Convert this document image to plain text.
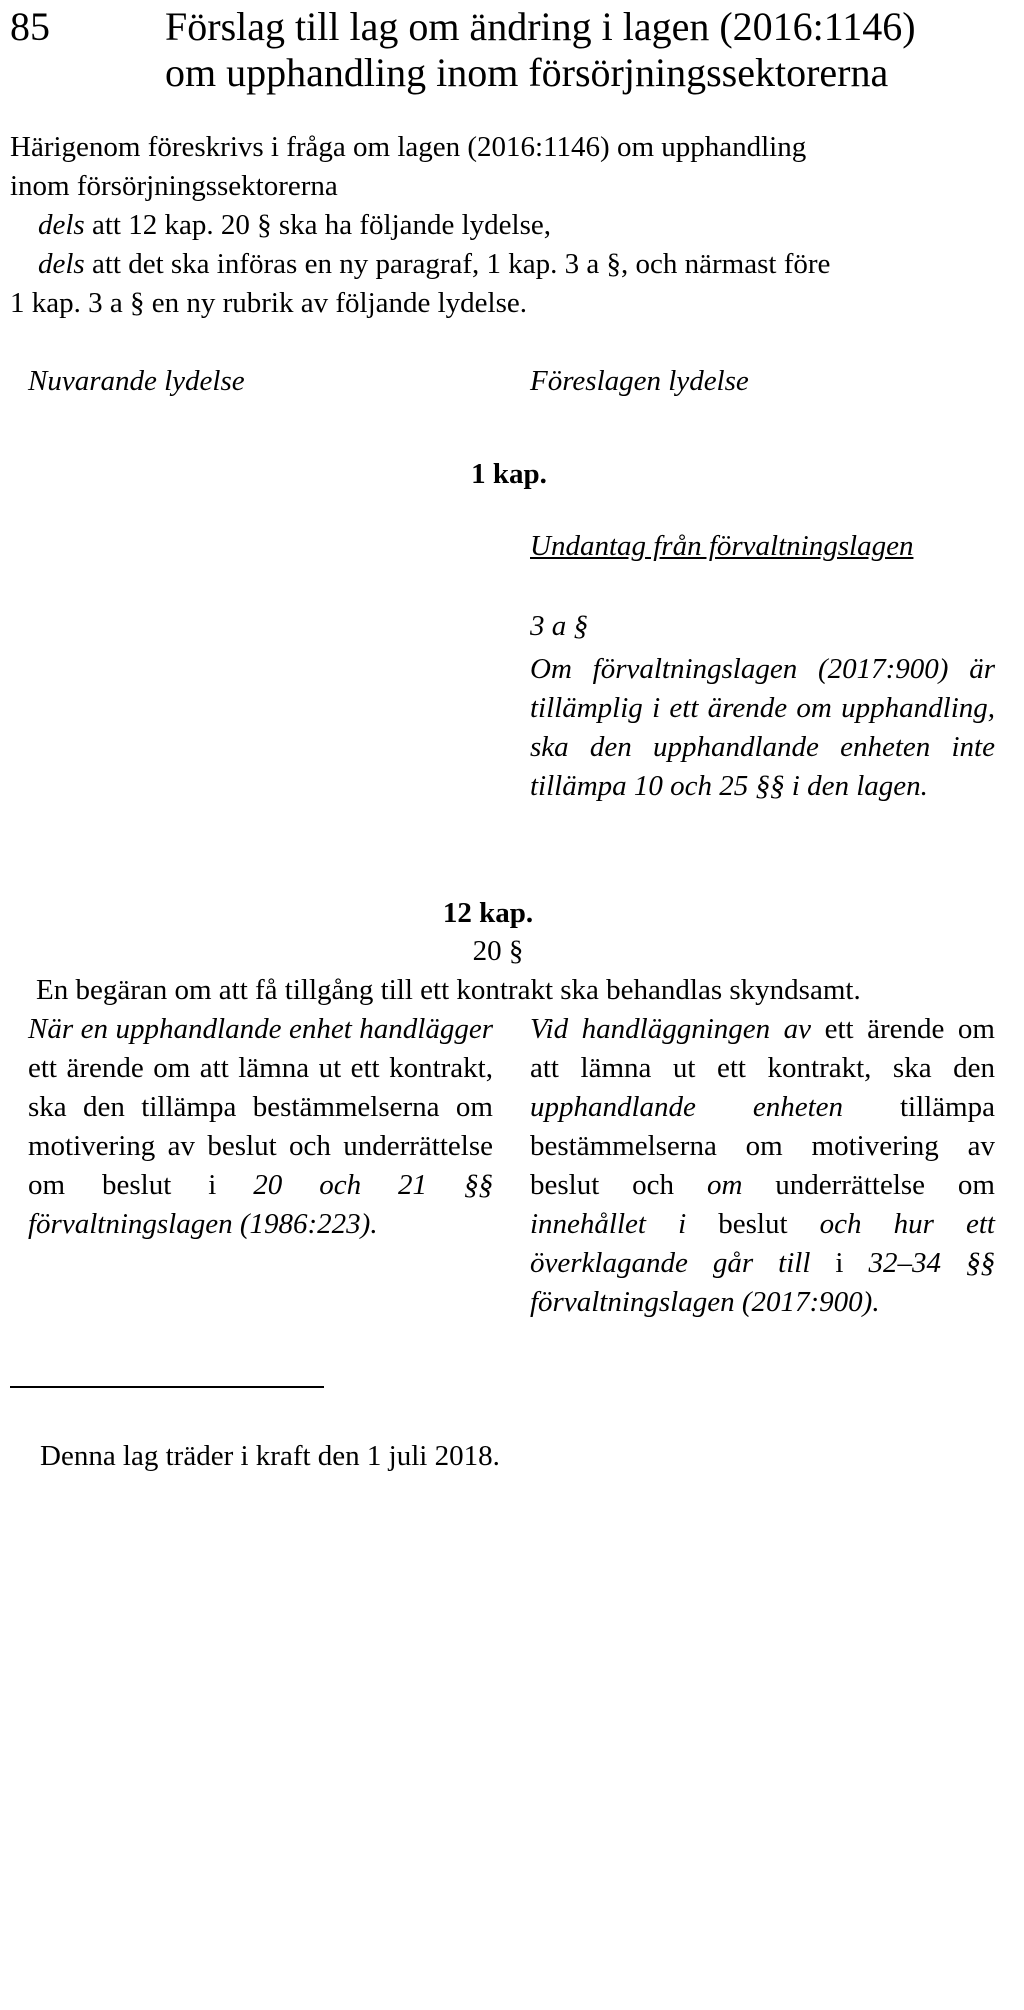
85	Förslag till lag om ändring i lagen (2016:1146)
om upphandling inom försörjningssektorerna
Härigenom föreskrivs i fråga om lagen (2016:1146) om upphandling
inom försörjningssektorerna
dels att 12 kap. 20 § ska ha följande lydelse,
dels att det ska införas en ny paragraf, 1 kap. 3 a §, och närmast före
1 kap. 3 a § en ny rubrik av följande lydelse.
Nuvarande lydelse	Föreslagen lydelse
1 kap.
Undantag från förvaltningslagen
3 a §
Om förvaltningslagen (2017:900) är tillämplig i ett ärende om upphandling, ska den upphandlande enheten inte tillämpa 10 och 25 §§ i den lagen.
12 kap.
20 §
En begäran om att få tillgång till ett kontrakt ska behandlas skyndsamt.
När en upphandlande enhet handlägger ett ärende om att lämna ut ett kontrakt, ska den tillämpa bestämmelserna om motivering av beslut och underrättelse om beslut i 20 och 21 §§ förvaltningslagen (1986:223).
Vid handläggningen av ett ärende om att lämna ut ett kontrakt, ska den upphandlande enheten tillämpa bestämmelserna om motivering av beslut och om underrättelse om innehållet i beslut och hur ett överklagande går till i 32–34 §§ förvaltningslagen (2017:900).
Denna lag träder i kraft den 1 juli 2018.
